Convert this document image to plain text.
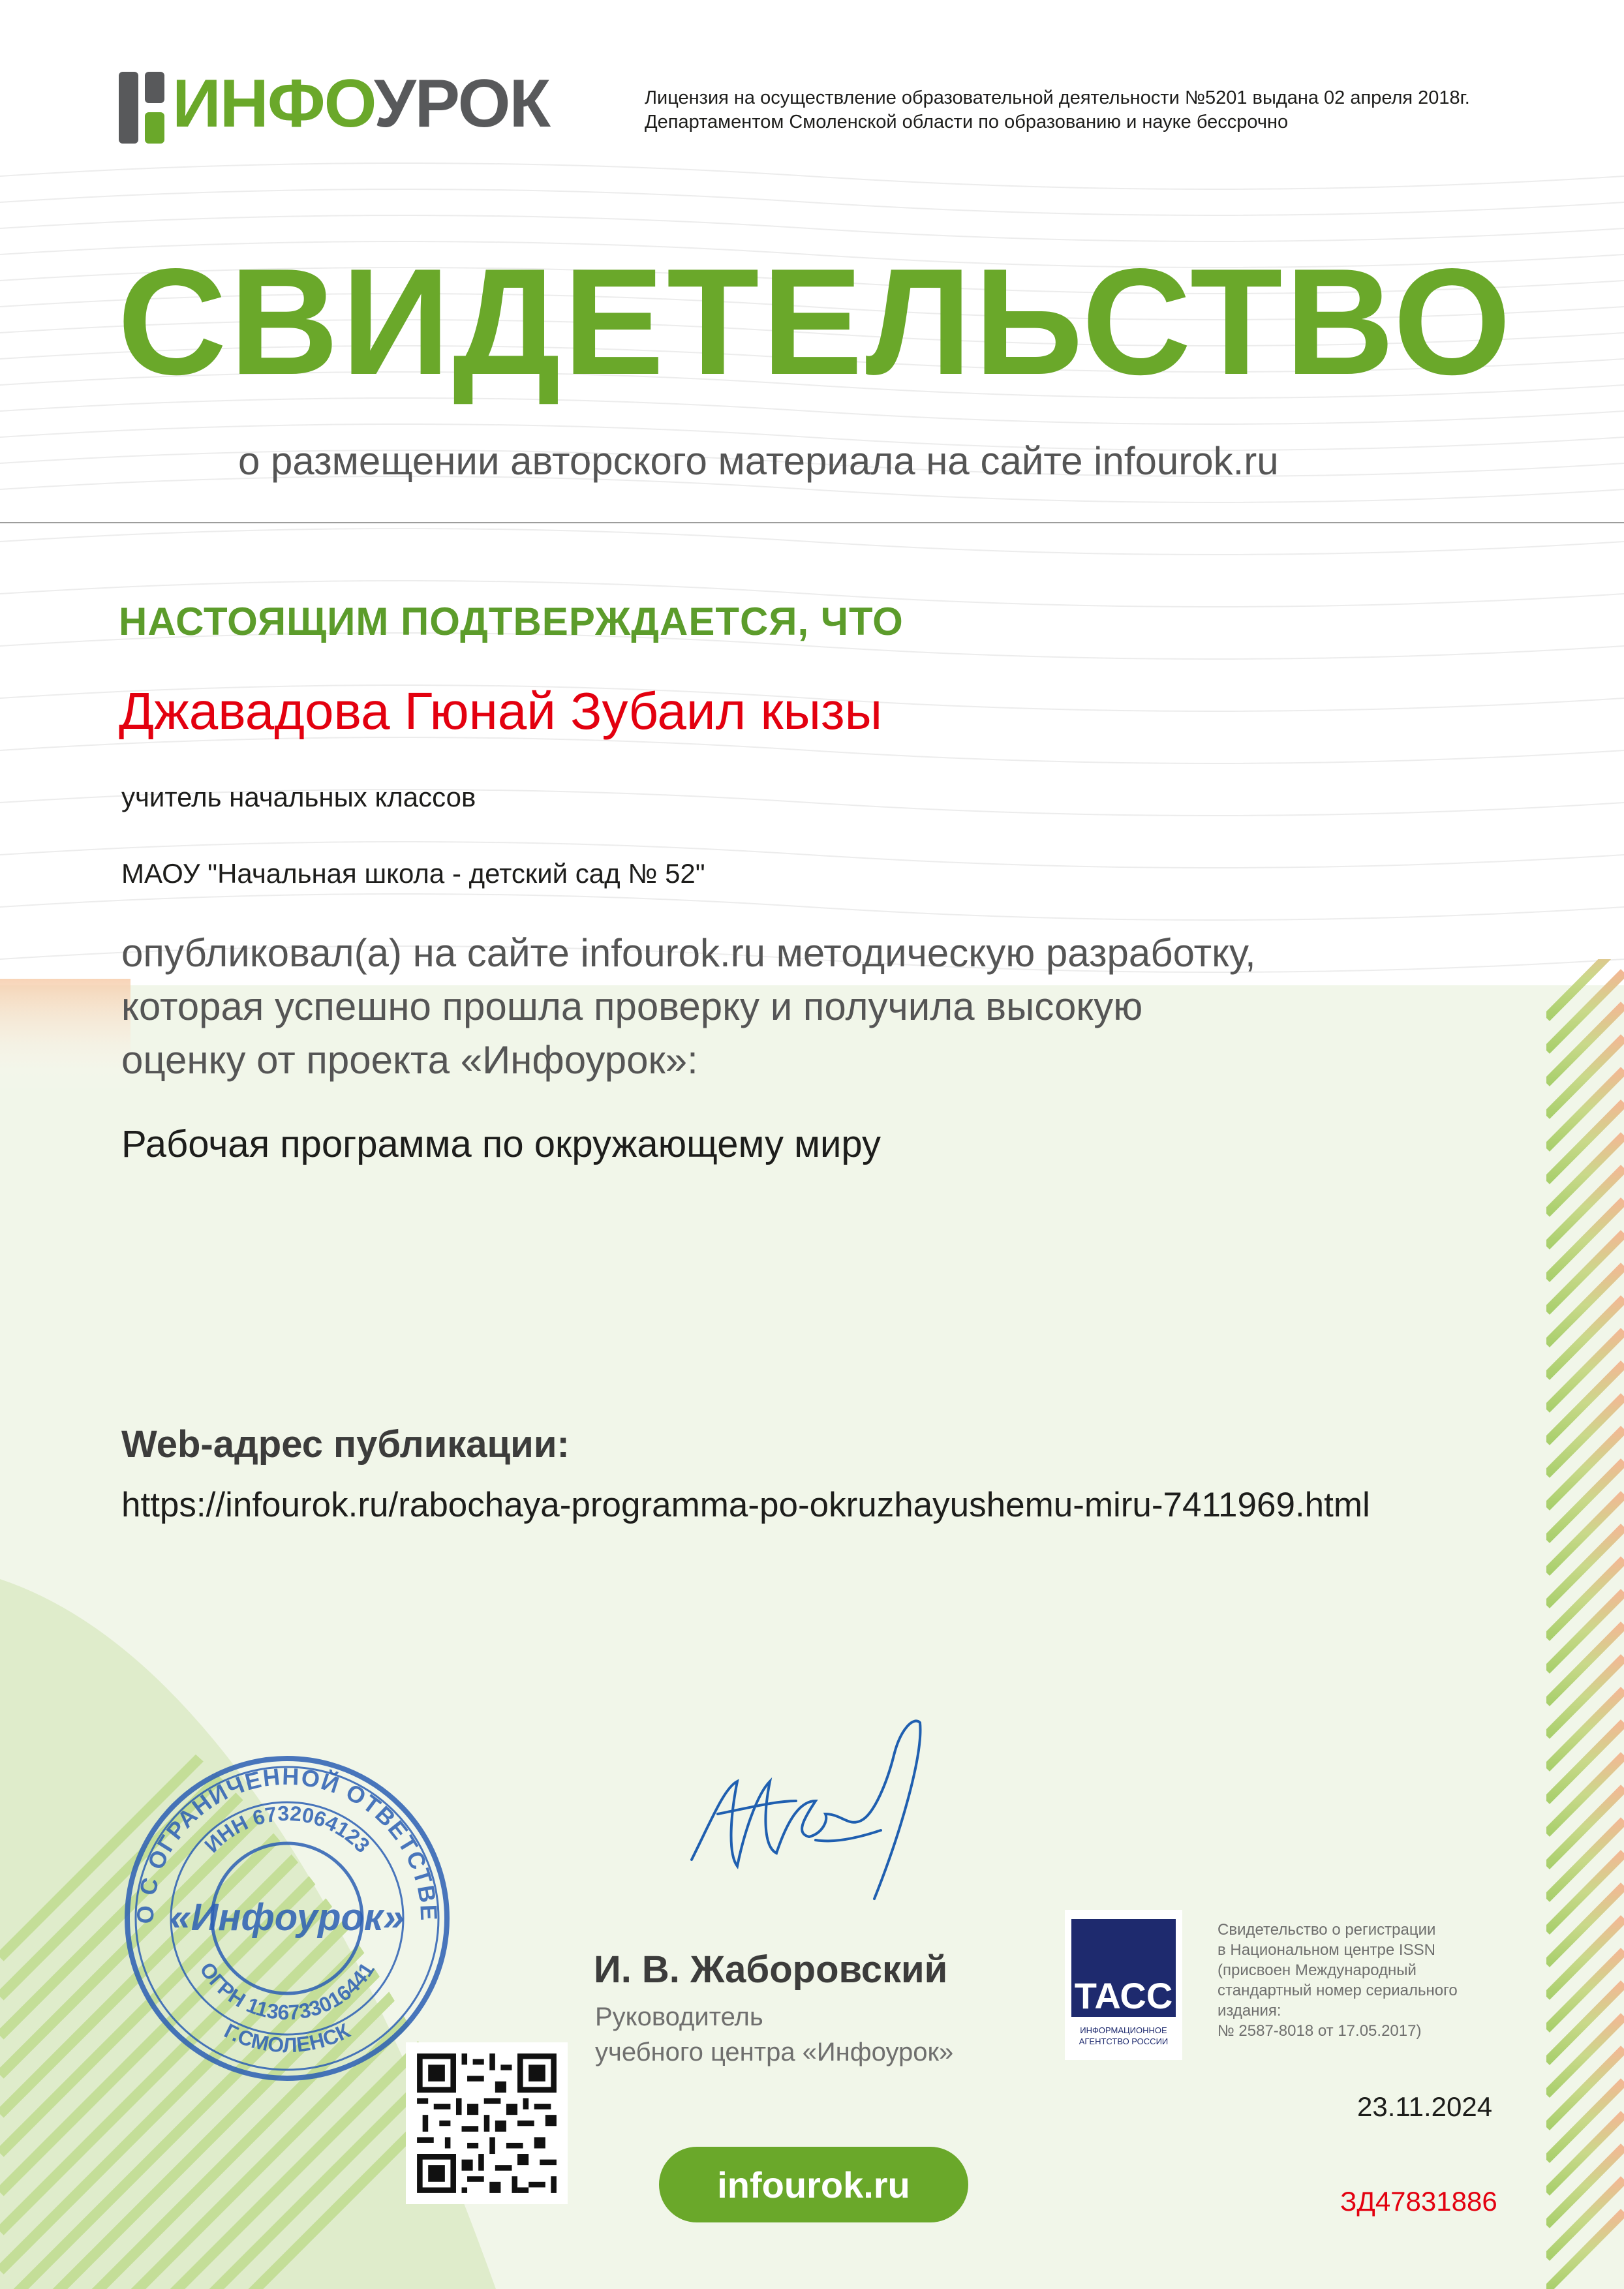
ИНФОУРОК	Лицензия на осуществление образовательной деятельности №5201 выдана 02 апреля 2018г.
Департаментом Смоленской области по образованию и науке бессрочно
СВИДЕТЕЛЬСТВО
о размещении авторского материала на сайте infourok.ru
НАСТОЯЩИМ ПОДТВЕРЖДАЕТСЯ, ЧТО
Джавадова Гюнай Зубаил кызы
учитель начальных классов
МАОУ "Начальная школа - детский сад № 52"
опубликовал(а) на сайте infourok.ru методическую разработку,
которая успешно прошла проверку и получила высокую
оценку от проекта «Инфоурок»:
Рабочая программа по окружающему миру
Web-адрес публикации:
https://infourok.ru/rabochaya-programma-po-okruzhayushemu-miru-7411969.html
О С ОГРАНИЧЕННОЙ ОТВЕТСТВЕ
ИНН 6732064123
ОГРН 1136733016441
Г.СМОЛЕНСК
«Инфоурок»
И. В. Жаборовский
Руководитель
учебного центра «Инфоурок»
ТАСС
ИНФОРМАЦИОННОЕ
АГЕНТСТВО РОССИИ
Свидетельство о регистрации
в Национальном центре ISSN
(присвоен Международный
стандартный номер сериального
издания:
№ 2587-8018 от 17.05.2017)
infourok.ru
23.11.2024
ЗД47831886
